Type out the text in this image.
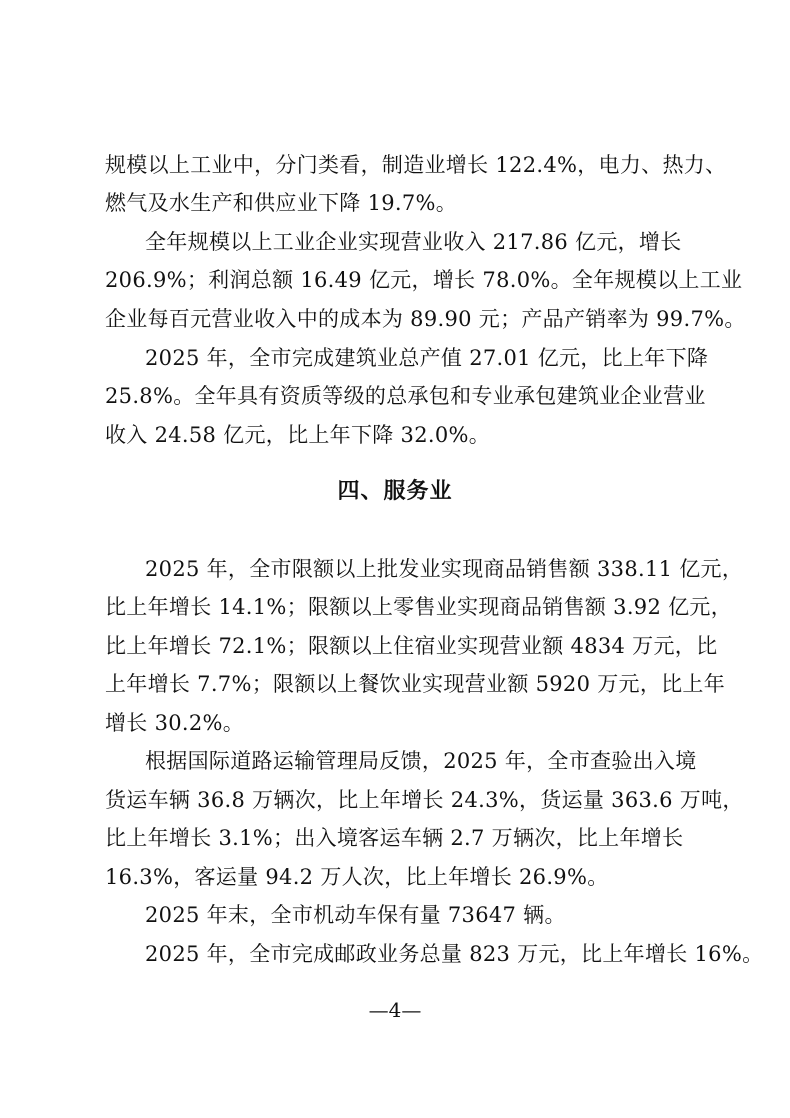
规模以上工业中，分门类看，制造业增长 122.4%，电力、热力、
燃气及水生产和供应业下降 19.7%。
全年规模以上工业企业实现营业收入 217.86 亿元，增长
206.9%；利润总额 16.49 亿元，增长 78.0%。全年规模以上工业
企业每百元营业收入中的成本为 89.90 元；产品产销率为 99.7%。
2025 年，全市完成建筑业总产值 27.01 亿元，比上年下降
25.8%。全年具有资质等级的总承包和专业承包建筑业企业营业
收入 24.58 亿元，比上年下降 32.0%。
四、服务业
2025 年，全市限额以上批发业实现商品销售额 338.11 亿元，
比上年增长 14.1%；限额以上零售业实现商品销售额 3.92 亿元，
比上年增长 72.1%；限额以上住宿业实现营业额 4834 万元，比
上年增长 7.7%；限额以上餐饮业实现营业额 5920 万元，比上年
增长 30.2%。
根据国际道路运输管理局反馈，2025 年，全市查验出入境
货运车辆 36.8 万辆次，比上年增长 24.3%，货运量 363.6 万吨，
比上年增长 3.1%；出入境客运车辆 2.7 万辆次，比上年增长
16.3%，客运量 94.2 万人次，比上年增长 26.9%。
2025 年末，全市机动车保有量 73647 辆。
2025 年，全市完成邮政业务总量 823 万元，比上年增长 16%。
—4—
